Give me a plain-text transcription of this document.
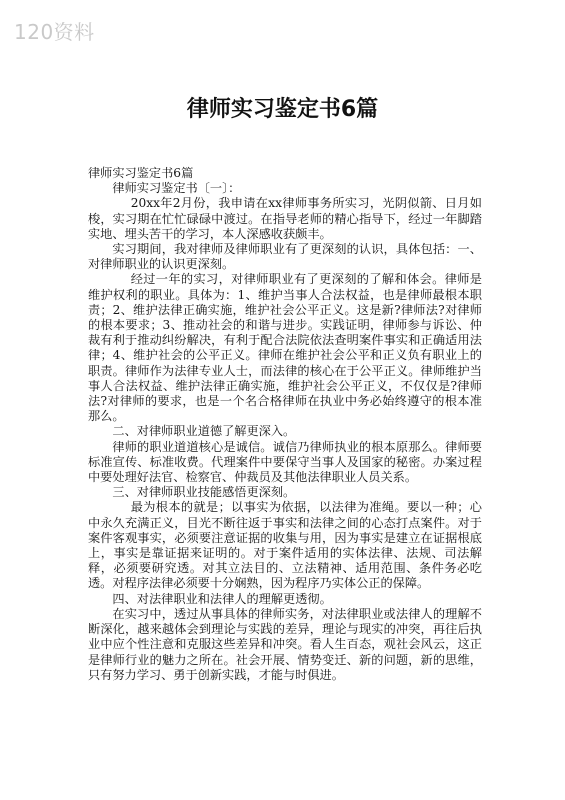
120资料
律师实习鉴定书6篇

律师实习鉴定书6篇

律师实习鉴定书〔一〕：

20xx年2月份，我申请在xx律师事务所实习，光阴似箭、日月如梭，实习期在忙忙碌碌中渡过。在指导老师的精心指导下，经过一年脚踏实地、埋头苦干的学习，本人深感收获颇丰。

实习期间，我对律师及律师职业有了更深刻的认识，具体包括：一、对律师职业的认识更深刻。

经过一年的实习，对律师职业有了更深刻的了解和体会。律师是维护权利的职业。具体为：1、维护当事人合法权益，也是律师最根本职责；2、维护法律正确实施，维护社会公平正义。这是新?律师法?对律师的根本要求；3、推动社会的和谐与进步。实践证明，律师参与诉讼、仲裁有利于推动纠纷解决，有利于配合法院依法查明案件事实和正确适用法律；4、维护社会的公平正义。律师在维护社会公平和正义负有职业上的职责。律师作为法律专业人士，而法律的核心在于公平正义。律师维护当事人合法权益、维护法律正确实施，维护社会公平正义，不仅仅是?律师法?对律师的要求，也是一个名合格律师在执业中务必始终遵守的根本准那么。

二、对律师职业道德了解更深入。

律师的职业道道核心是诚信。诚信乃律师执业的根本原那么。律师要标准宣传、标准收费。代理案件中要保守当事人及国家的秘密。办案过程中要处理好法官、检察官、仲裁员及其他法律职业人员关系。

三、对律师职业技能感悟更深刻。

最为根本的就是；以事实为依据，以法律为准绳。要以一种；心中永久充满正义，目光不断往返于事实和法律之间的心态打点案件。对于案件客观事实，必须要注意证据的收集与用，因为事实是建立在证据根底上，事实是靠证据来证明的。对于案件适用的实体法律、法规、司法解释，必须要研究透。对其立法目的、立法精神、适用范围、条件务必吃透。对程序法律必须要十分娴熟，因为程序乃实体公正的保障。

四、对法律职业和法律人的理解更透彻。

在实习中，透过从事具体的律师实务，对法律职业或法律人的理解不断深化，越来越体会到理论与实践的差异，理论与现实的冲突，再往后执业中应个性注意和克服这些差异和冲突。看人生百态，观社会风云，这正是律师行业的魅力之所在。社会开展、情势变迁、新的问题，新的思维，只有努力学习、勇于创新实践，才能与时俱进。
